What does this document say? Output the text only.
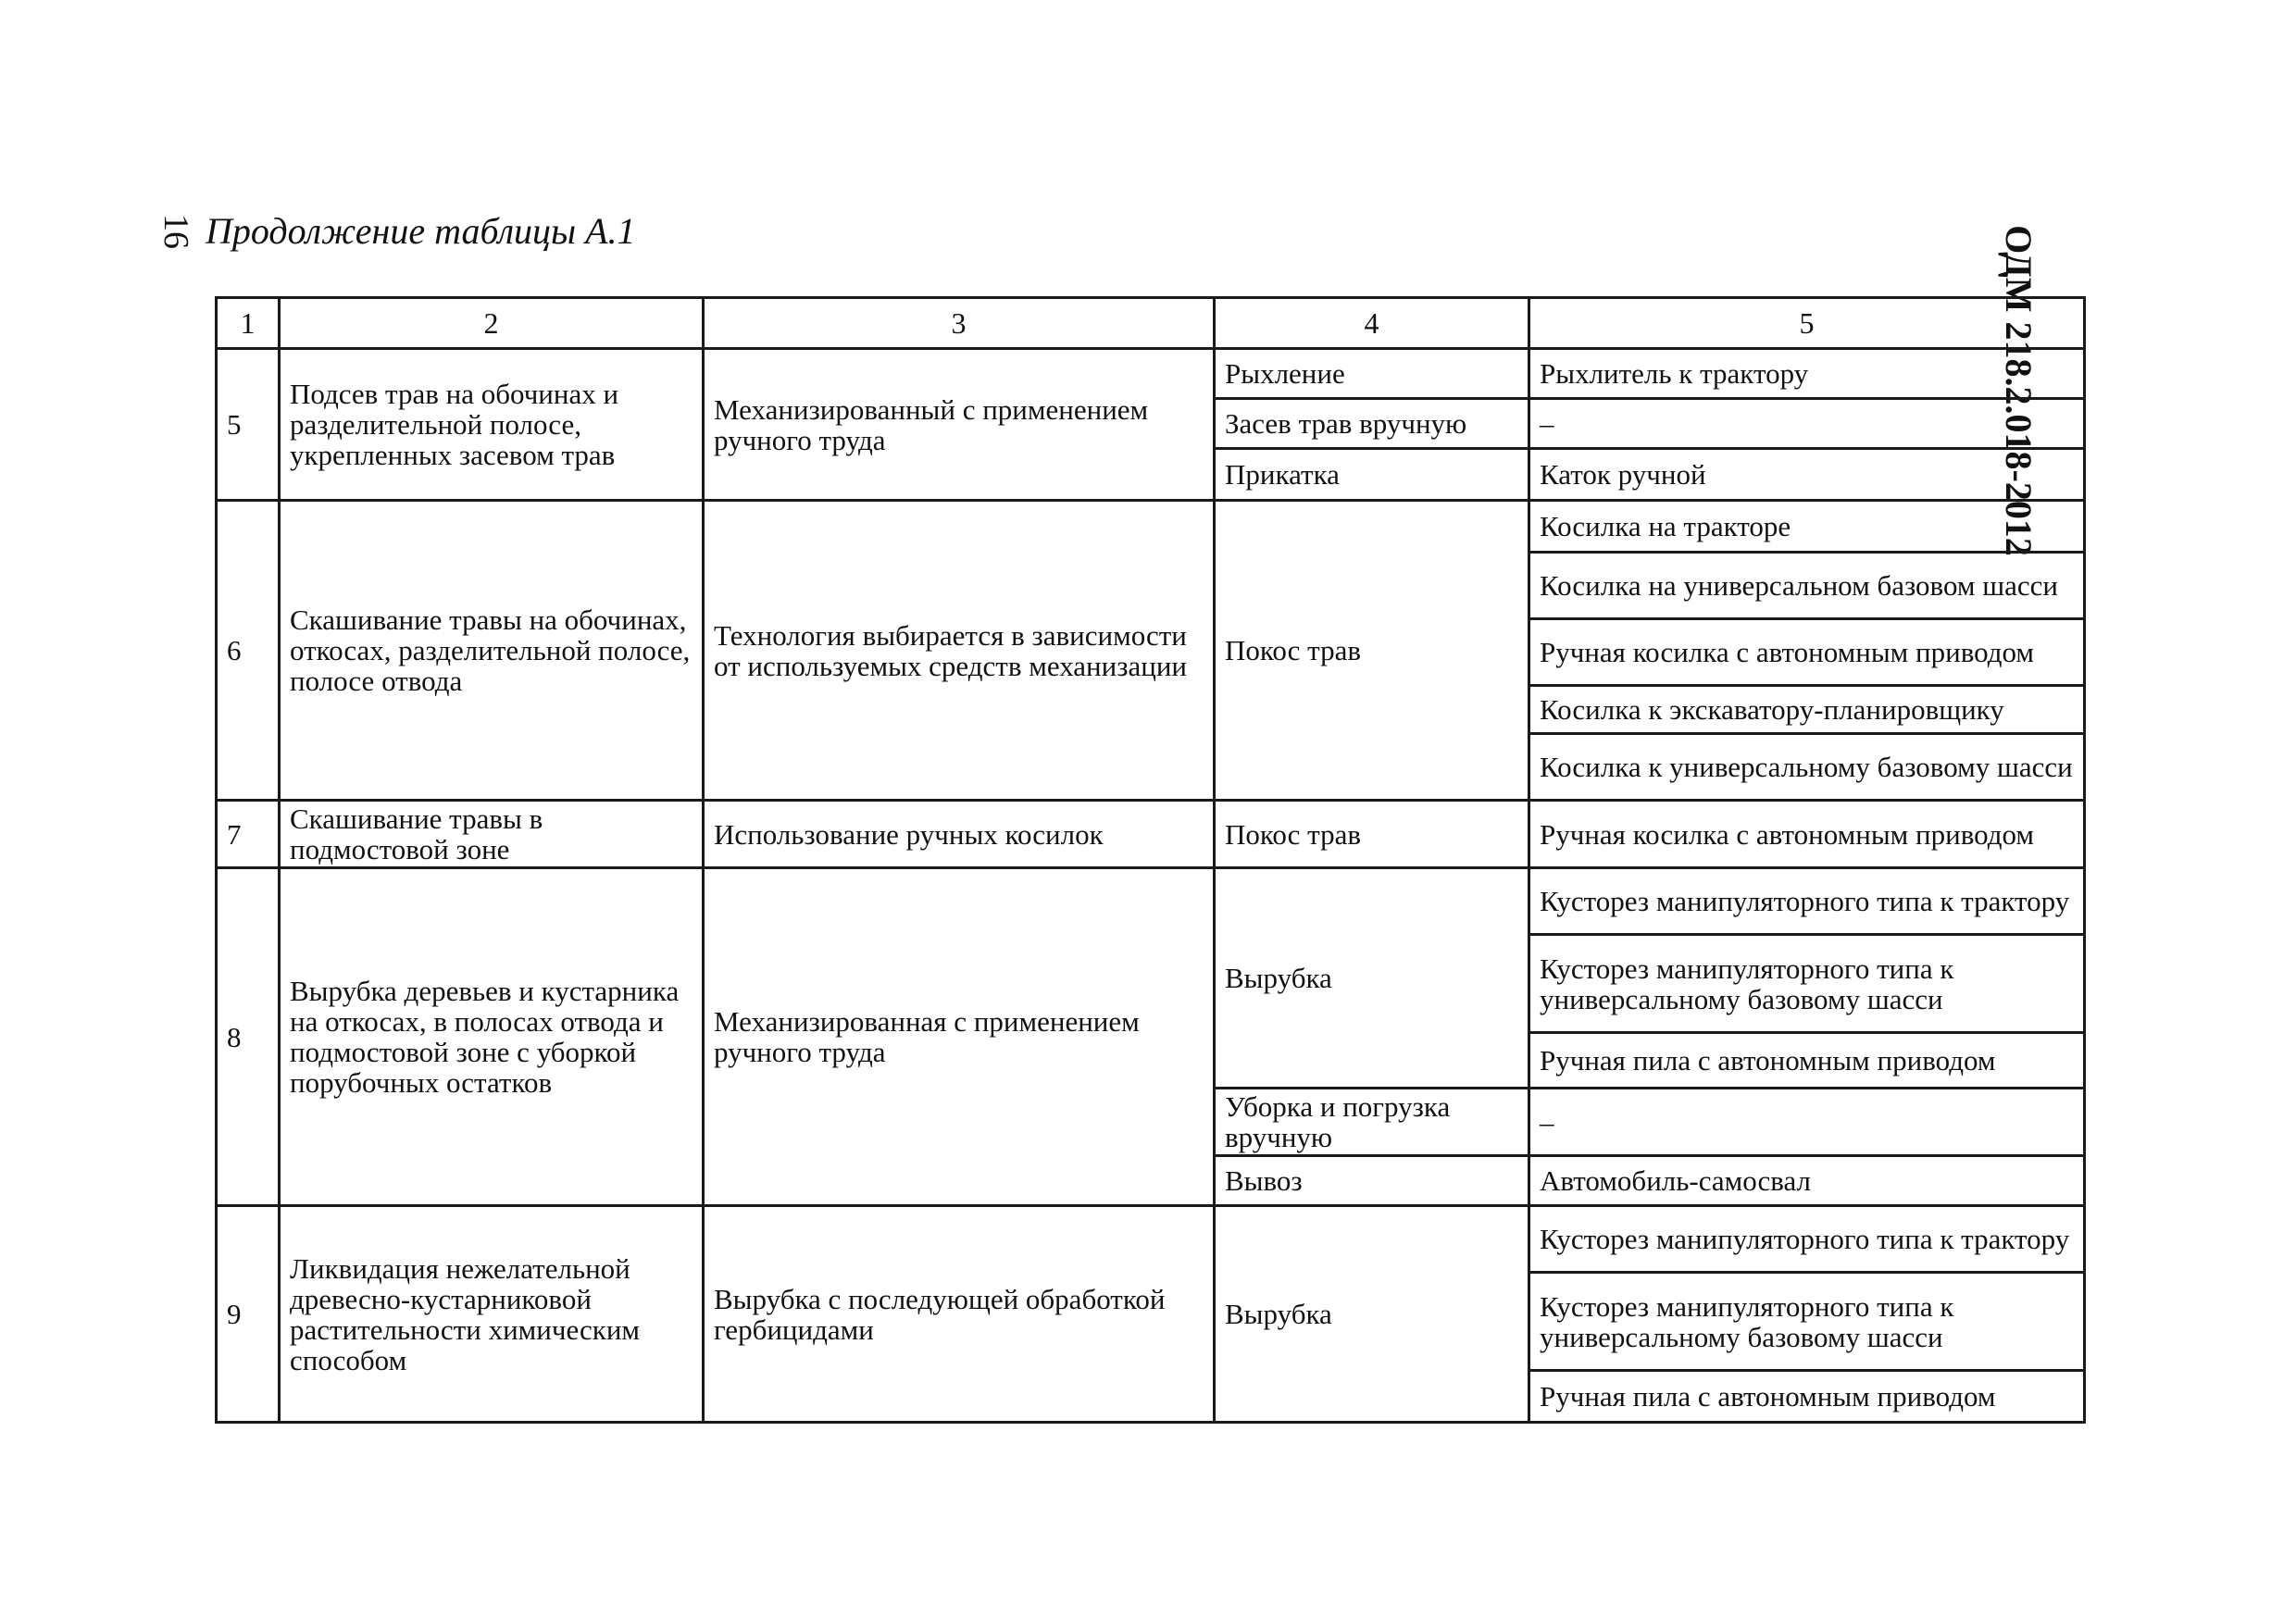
16 Продолжение таблицы А.1	ОДМ 218.2.018-2012
1	2	3	4	5
5	Подсев трав на обочинах и разделительной полосе, укрепленных засевом трав	Механизированный с применением ручного труда	Рыхление	Рыхлитель к трактору
			Засев трав вручную	–
			Прикатка	Каток ручной
6	Скашивание травы на обочинах, откосах, разделительной полосе, полосе отвода	Технология выбирается в зависимости от используемых средств механизации	Покос трав	Косилка на тракторе
				Косилка на универсальном базовом шасси
				Ручная косилка с автономным приводом
				Косилка к экскаватору-планировщику
				Косилка к универсальному базовому шасси
7	Скашивание травы в подмостовой зоне	Использование ручных косилок	Покос трав	Ручная косилка с автономным приводом
8	Вырубка деревьев и кустарника на откосах, в полосах отвода и подмостовой зоне с уборкой порубочных остатков	Механизированная с применением ручного труда	Вырубка	Кусторез манипуляторного типа к трактору
				Кусторез манипуляторного типа к универсальному базовому шасси
				Ручная пила с автономным приводом
			Уборка и погрузка вручную	–
			Вывоз	Автомобиль-самосвал
9	Ликвидация нежелательной древесно-кустарниковой растительности химическим способом	Вырубка с последующей обработкой гербицидами	Вырубка	Кусторез манипуляторного типа к трактору
				Кусторез манипуляторного типа к универсальному базовому шасси
				Ручная пила с автономным приводом
